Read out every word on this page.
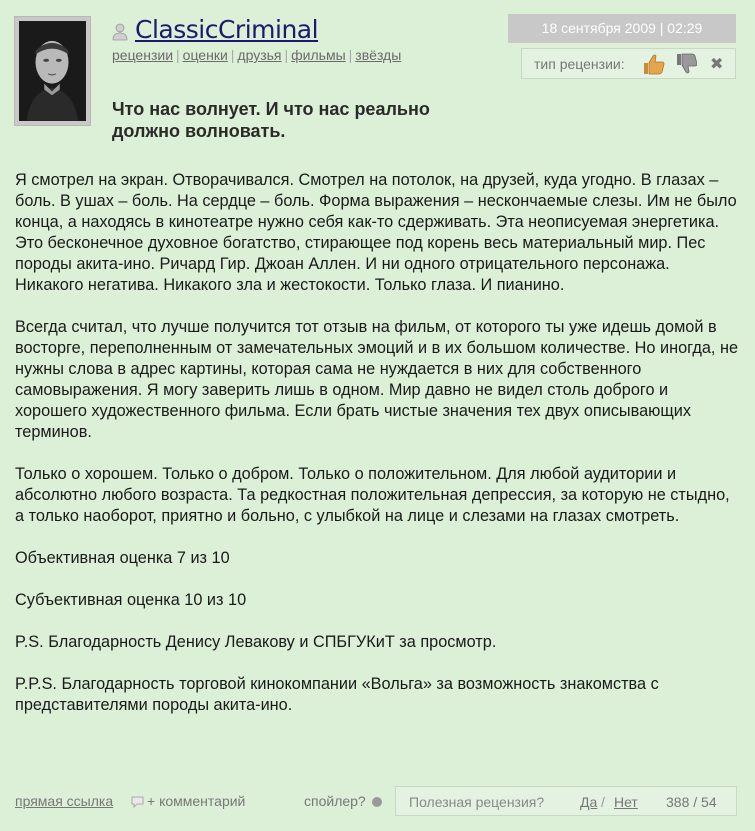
ClassicCriminal
рецензии | оценки | друзья | фильмы | звёзды
18 сентября 2009 | 02:29
тип рецензии:	✖
Что нас волнует. И что нас реально должно волновать.

Я смотрел на экран. Отворачивался. Смотрел на потолок, на друзей, куда угодно. В глазах – боль. В ушах – боль. На сердце – боль. Форма выражения – нескончаемые слезы. Им не было конца, а находясь в кинотеатре нужно себя как-то сдерживать. Эта неописуемая энергетика. Это бесконечное духовное богатство, стирающее под корень весь материальный мир. Пес породы акита-ино. Ричард Гир. Джоан Аллен. И ни одного отрицательного персонажа. Никакого негатива. Никакого зла и жестокости. Только глаза. И пианино.

Всегда считал, что лучше получится тот отзыв на фильм, от которого ты уже идешь домой в восторге, переполненным от замечательных эмоций и в их большом количестве. Но иногда, не нужны слова в адрес картины, которая сама не нуждается в них для собственного самовыражения. Я могу заверить лишь в одном. Мир давно не видел столь доброго и хорошего художественного фильма. Если брать чистые значения тех двух описывающих терминов.

Только о хорошем. Только о добром. Только о положительном. Для любой аудитории и абсолютно любого возраста. Та редкостная положительная депрессия, за которую не стыдно, а только наоборот, приятно и больно, с улыбкой на лице и слезами на глазах смотреть.

Объективная оценка 7 из 10

Субъективная оценка 10 из 10

P.S. Благодарность Денису Левакову и СПБГУКиТ за просмотр.

P.P.S. Благодарность торговой кинокомпании «Вольга» за возможность знакомства с представителями породы акита-ино.

прямая ссылка + комментарий	спойлер?	Полезная рецензия?	Да / Нет 388 / 54
